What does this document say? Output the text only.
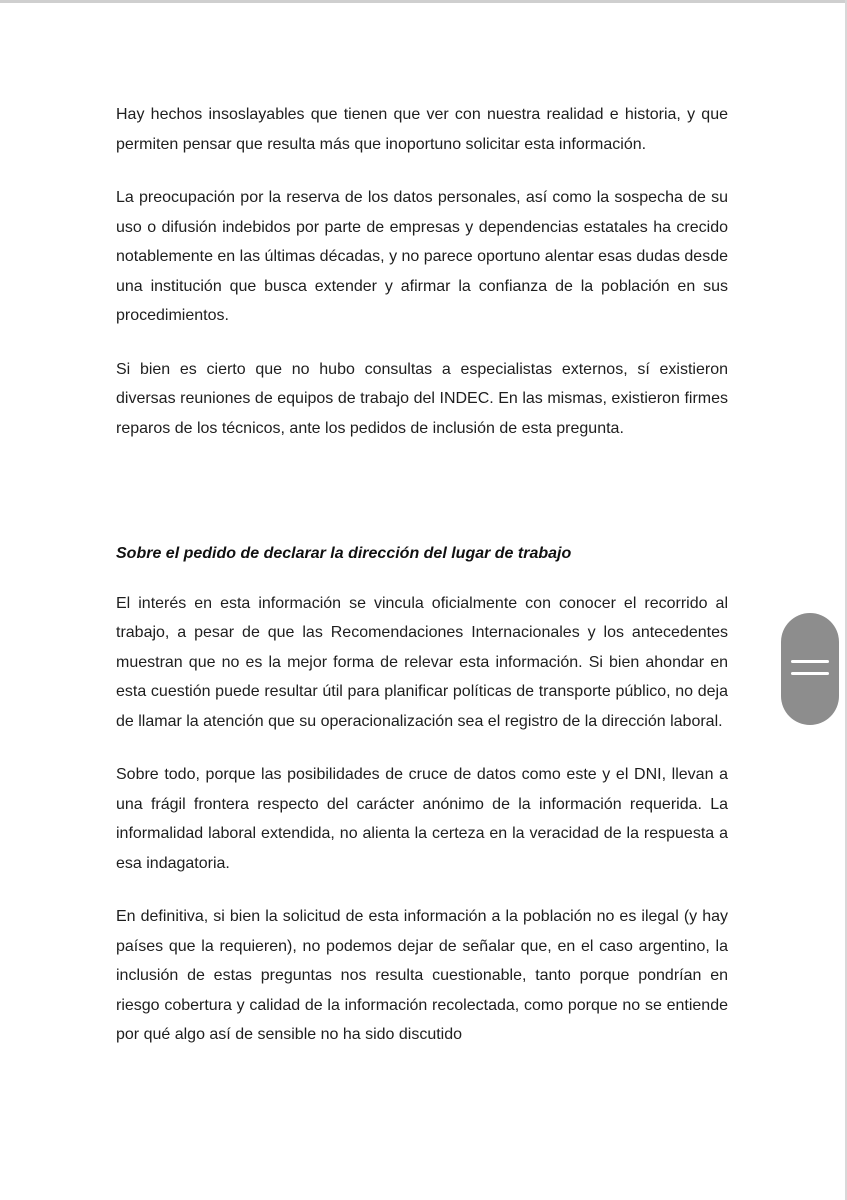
Hay hechos insoslayables que tienen que ver con nuestra realidad e historia, y que permiten pensar que resulta más que inoportuno solicitar esta información.

La preocupación por la reserva de los datos personales, así como la sospecha de su uso o difusión indebidos por parte de empresas y dependencias estatales ha crecido notablemente en las últimas décadas, y no parece oportuno alentar esas dudas desde una institución que busca extender y afirmar la confianza de la población en sus procedimientos.

Si bien es cierto que no hubo consultas a especialistas externos, sí existieron diversas reuniones de equipos de trabajo del INDEC. En las mismas, existieron firmes reparos de los técnicos, ante los pedidos de inclusión de esta pregunta.

Sobre el pedido de declarar la dirección del lugar de trabajo

El interés en esta información se vincula oficialmente con conocer el recorrido al trabajo, a pesar de que las Recomendaciones Internacionales y los antecedentes muestran que no es la mejor forma de relevar esta información. Si bien ahondar en esta cuestión puede resultar útil para planificar políticas de transporte público, no deja de llamar la atención que su operacionalización sea el registro de la dirección laboral.

Sobre todo, porque las posibilidades de cruce de datos como este y el DNI, llevan a una frágil frontera respecto del carácter anónimo de la información requerida. La informalidad laboral extendida, no alienta la certeza en la veracidad de la respuesta a esa indagatoria.

En definitiva, si bien la solicitud de esta información a la población no es ilegal (y hay países que la requieren), no podemos dejar de señalar que, en el caso argentino, la inclusión de estas preguntas nos resulta cuestionable, tanto porque pondrían en riesgo cobertura y calidad de la información recolectada, como porque no se entiende por qué algo así de sensible no ha sido discutido
